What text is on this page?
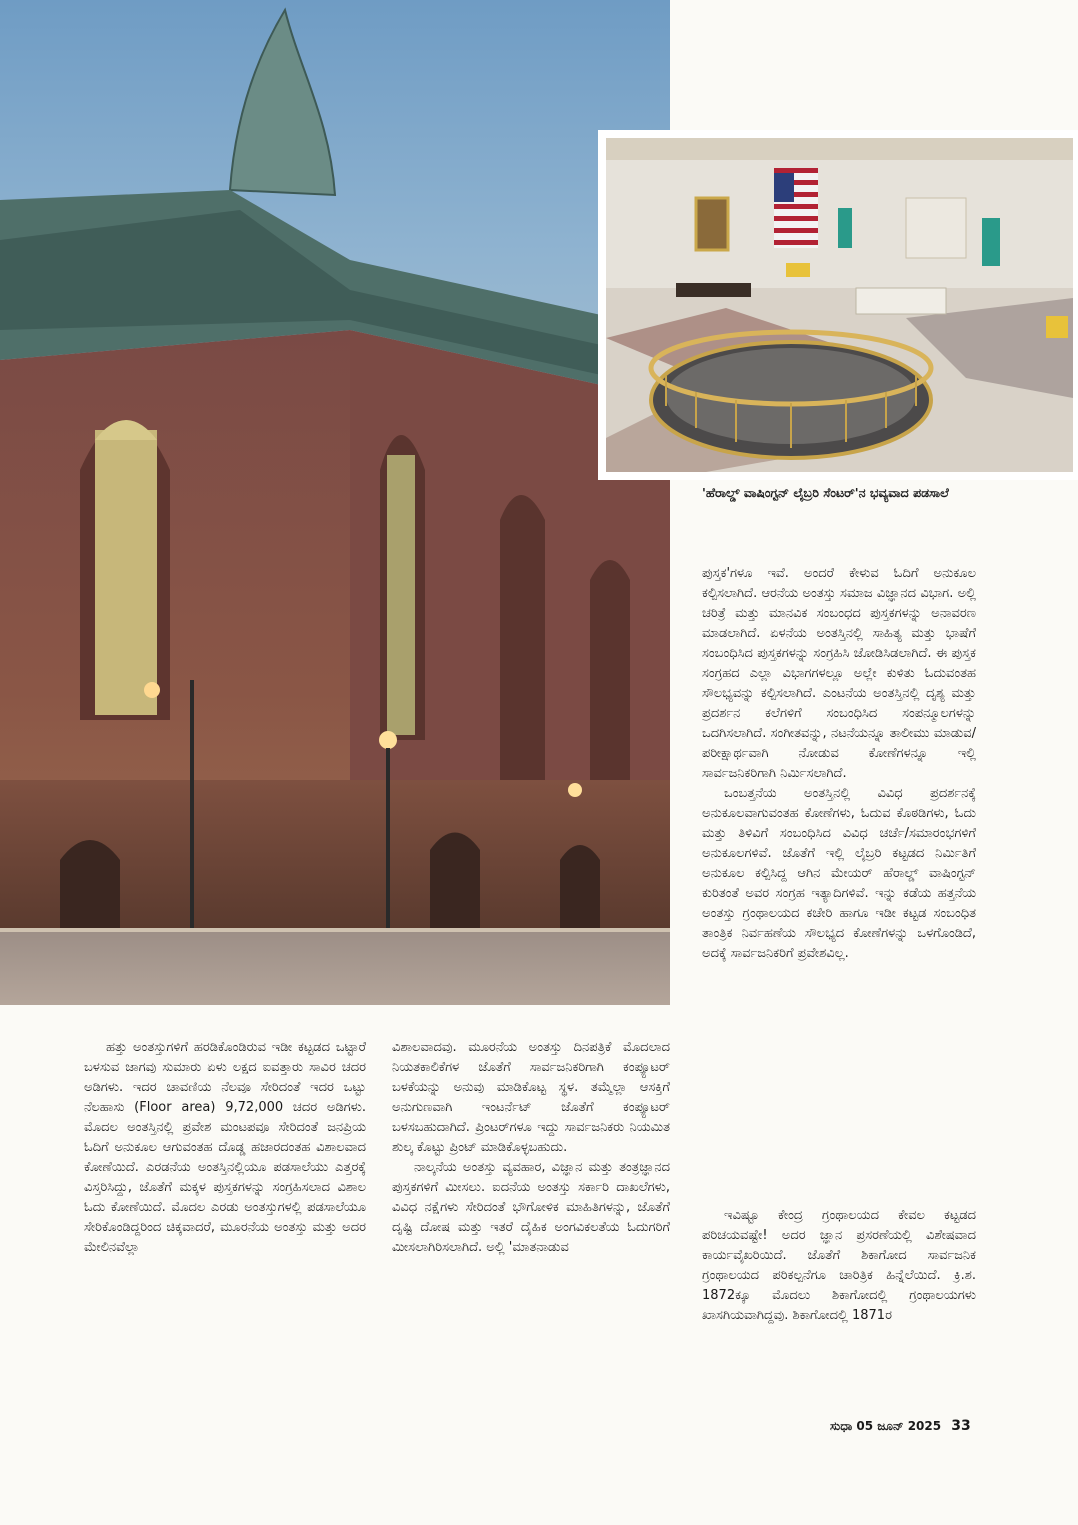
'ಹೆರಾಲ್ಡ್ ವಾಷಿಂಗ್ಟನ್ ಲೈಬ್ರರಿ ಸೆಂಟರ್'ನ ಭವ್ಯವಾದ ಪಡಸಾಲೆ

ಹತ್ತು ಅಂತಸ್ತುಗಳಿಗೆ ಹರಡಿಕೊಂಡಿರುವ ಇಡೀ ಕಟ್ಟಡದ ಒಟ್ಟಾರೆ ಬಳಸುವ ಜಾಗವು ಸುಮಾರು ಏಳು ಲಕ್ಷದ ಐವತ್ತಾರು ಸಾವಿರ ಚದರ ಅಡಿಗಳು. ಇದರ ಚಾವಣಿಯ ನೆಲವೂ ಸೇರಿದಂತೆ ಇದರ ಒಟ್ಟು ನೆಲಹಾಸು (Floor area) 9,72,000 ಚದರ ಅಡಿಗಳು. ಮೊದಲ ಅಂತಸ್ತಿನಲ್ಲಿ ಪ್ರವೇಶ ಮಂಟಪವೂ ಸೇರಿದಂತೆ ಜನಪ್ರಿಯ ಓದಿಗೆ ಅನುಕೂಲ ಆಗುವಂತಹ ದೊಡ್ಡ ಹಜಾರದಂತಹ ವಿಶಾಲವಾದ ಕೋಣೆಯಿದೆ. ಎರಡನೆಯ ಅಂತಸ್ತಿನಲ್ಲಿಯೂ ಪಡಸಾಲೆಯು ಎತ್ತರಕ್ಕೆ ವಿಸ್ತರಿಸಿದ್ದು, ಜೊತೆಗೆ ಮಕ್ಕಳ ಪುಸ್ತಕಗಳನ್ನು ಸಂಗ್ರಹಿಸಲಾದ ವಿಶಾಲ ಓದು ಕೋಣೆಯಿದೆ. ಮೊದಲ ಎರಡು ಅಂತಸ್ತುಗಳಲ್ಲಿ ಪಡಸಾಲೆಯೂ ಸೇರಿಕೊಂಡಿದ್ದರಿಂದ ಚಿಕ್ಕವಾದರೆ, ಮೂರನೆಯ ಅಂತಸ್ತು ಮತ್ತು ಅದರ ಮೇಲಿನವೆಲ್ಲಾ

ವಿಶಾಲವಾದವು. ಮೂರನೆಯ ಅಂತಸ್ತು ದಿನಪತ್ರಿಕೆ ಮೊದಲಾದ ನಿಯತಕಾಲಿಕೆಗಳ ಜೊತೆಗೆ ಸಾರ್ವಜನಿಕರಿಗಾಗಿ ಕಂಪ್ಯೂಟರ್ ಬಳಕೆಯನ್ನು ಅನುವು ಮಾಡಿಕೊಟ್ಟ ಸ್ಥಳ. ತಮ್ಮೆಲ್ಲಾ ಆಸಕ್ತಿಗೆ ಅನುಗುಣವಾಗಿ ಇಂಟರ್ನೆಟ್ ಜೊತೆಗೆ ಕಂಪ್ಯೂಟರ್ ಬಳಸಬಹುದಾಗಿದೆ. ಪ್ರಿಂಟರ್‌ಗಳೂ ಇದ್ದು ಸಾರ್ವಜನಿಕರು ನಿಯಮಿತ ಶುಲ್ಕ ಕೊಟ್ಟು ಪ್ರಿಂಟ್ ಮಾಡಿಕೊಳ್ಳಬಹುದು.

ನಾಲ್ಕನೆಯ ಅಂತಸ್ತು ವ್ಯವಹಾರ, ವಿಜ್ಞಾನ ಮತ್ತು ತಂತ್ರಜ್ಞಾನದ ಪುಸ್ತಕಗಳಿಗೆ ಮೀಸಲು. ಐದನೆಯ ಅಂತಸ್ತು ಸರ್ಕಾರಿ ದಾಖಲೆಗಳು, ವಿವಿಧ ನಕ್ಷೆಗಳು ಸೇರಿದಂತೆ ಭೌಗೋಳಿಕ ಮಾಹಿತಿಗಳನ್ನು, ಜೊತೆಗೆ ದೃಷ್ಟಿ ದೋಷ ಮತ್ತು ಇತರೆ ದೈಹಿಕ ಅಂಗವಿಕಲತೆಯ ಓದುಗರಿಗೆ ಮೀಸಲಾಗಿರಿಸಲಾಗಿದೆ. ಅಲ್ಲಿ 'ಮಾತನಾಡುವ

ಪುಸ್ತಕ'ಗಳೂ ಇವೆ. ಅಂದರೆ ಕೇಳುವ ಓದಿಗೆ ಅನುಕೂಲ ಕಲ್ಪಿಸಲಾಗಿದೆ. ಆರನೆಯ ಅಂತಸ್ತು ಸಮಾಜ ವಿಜ್ಞಾನದ ವಿಭಾಗ. ಅಲ್ಲಿ ಚರಿತ್ರೆ ಮತ್ತು ಮಾನವಿಕ ಸಂಬಂಧದ ಪುಸ್ತಕಗಳನ್ನು ಅನಾವರಣ ಮಾಡಲಾಗಿದೆ. ಏಳನೆಯ ಅಂತಸ್ತಿನಲ್ಲಿ ಸಾಹಿತ್ಯ ಮತ್ತು ಭಾಷೆಗೆ ಸಂಬಂಧಿಸಿದ ಪುಸ್ತಕಗಳನ್ನು ಸಂಗ್ರಹಿಸಿ ಜೋಡಿಸಿಡಲಾಗಿದೆ. ಈ ಪುಸ್ತಕ ಸಂಗ್ರಹದ ಎಲ್ಲಾ ವಿಭಾಗಗಳಲ್ಲೂ ಅಲ್ಲೇ ಕುಳಿತು ಓದುವಂತಹ ಸೌಲಭ್ಯವನ್ನು ಕಲ್ಪಿಸಲಾಗಿದೆ. ಎಂಟನೆಯ ಅಂತಸ್ತಿನಲ್ಲಿ ದೃಶ್ಯ ಮತ್ತು ಪ್ರದರ್ಶನ ಕಲೆಗಳಿಗೆ ಸಂಬಂಧಿಸಿದ ಸಂಪನ್ಮೂಲಗಳನ್ನು ಒದಗಿಸಲಾಗಿದೆ. ಸಂಗೀತವನ್ನು, ನಟನೆಯನ್ನೂ ತಾಲೀಮು ಮಾಡುವ/ಪರೀಕ್ಷಾರ್ಥವಾಗಿ ನೋಡುವ ಕೋಣೆಗಳನ್ನೂ ಇಲ್ಲಿ ಸಾರ್ವಜನಿಕರಿಗಾಗಿ ನಿರ್ಮಿಸಲಾಗಿದೆ.

ಒಂಬತ್ತನೆಯ ಅಂತಸ್ತಿನಲ್ಲಿ ವಿವಿಧ ಪ್ರದರ್ಶನಕ್ಕೆ ಅನುಕೂಲವಾಗುವಂತಹ ಕೋಣೆಗಳು, ಓದುವ ಕೊಠಡಿಗಳು, ಓದು ಮತ್ತು ತಿಳಿವಿಗೆ ಸಂಬಂಧಿಸಿದ ವಿವಿಧ ಚರ್ಚೆ/ಸಮಾರಂಭಗಳಿಗೆ ಅನುಕೂಲಗಳಿವೆ. ಜೊತೆಗೆ ಇಲ್ಲಿ ಲೈಬ್ರರಿ ಕಟ್ಟಡದ ನಿರ್ಮಿತಿಗೆ ಅನುಕೂಲ ಕಲ್ಪಿಸಿದ್ದ ಆಗಿನ ಮೇಯರ್ ಹೆರಾಲ್ಡ್ ವಾಷಿಂಗ್ಟನ್ ಕುರಿತಂತೆ ಅವರ ಸಂಗ್ರಹ ಇತ್ಯಾದಿಗಳಿವೆ. ಇನ್ನು ಕಡೆಯ ಹತ್ತನೆಯ ಅಂತಸ್ತು ಗ್ರಂಥಾಲಯದ ಕಚೇರಿ ಹಾಗೂ ಇಡೀ ಕಟ್ಟಡ ಸಂಬಂಧಿತ ತಾಂತ್ರಿಕ ನಿರ್ವಹಣೆಯ ಸೌಲಭ್ಯದ ಕೋಣೆಗಳನ್ನು ಒಳಗೊಂಡಿದೆ, ಅದಕ್ಕೆ ಸಾರ್ವಜನಿಕರಿಗೆ ಪ್ರವೇಶವಿಲ್ಲ.

ಇವಿಷ್ಟೂ ಕೇಂದ್ರ ಗ್ರಂಥಾಲಯದ ಕೇವಲ ಕಟ್ಟಡದ ಪರಿಚಯವಷ್ಟೇ! ಅದರ ಜ್ಞಾನ ಪ್ರಸರಣೆಯಲ್ಲಿ ವಿಶೇಷವಾದ ಕಾರ್ಯವೈಖರಿಯಿದೆ. ಜೊತೆಗೆ ಶಿಕಾಗೋದ ಸಾರ್ವಜನಿಕ ಗ್ರಂಥಾಲಯದ ಪರಿಕಲ್ಪನೆಗೂ ಚಾರಿತ್ರಿಕ ಹಿನ್ನೆಲೆಯಿದೆ. ಕ್ರಿ.ಶ. 1872ಕ್ಕೂ ಮೊದಲು ಶಿಕಾಗೋದಲ್ಲಿ ಗ್ರಂಥಾಲಯಗಳು ಖಾಸಗಿಯವಾಗಿದ್ದವು. ಶಿಕಾಗೋದಲ್ಲಿ 1871ರ

ಸುಧಾ 05 ಜೂನ್ 2025 33
